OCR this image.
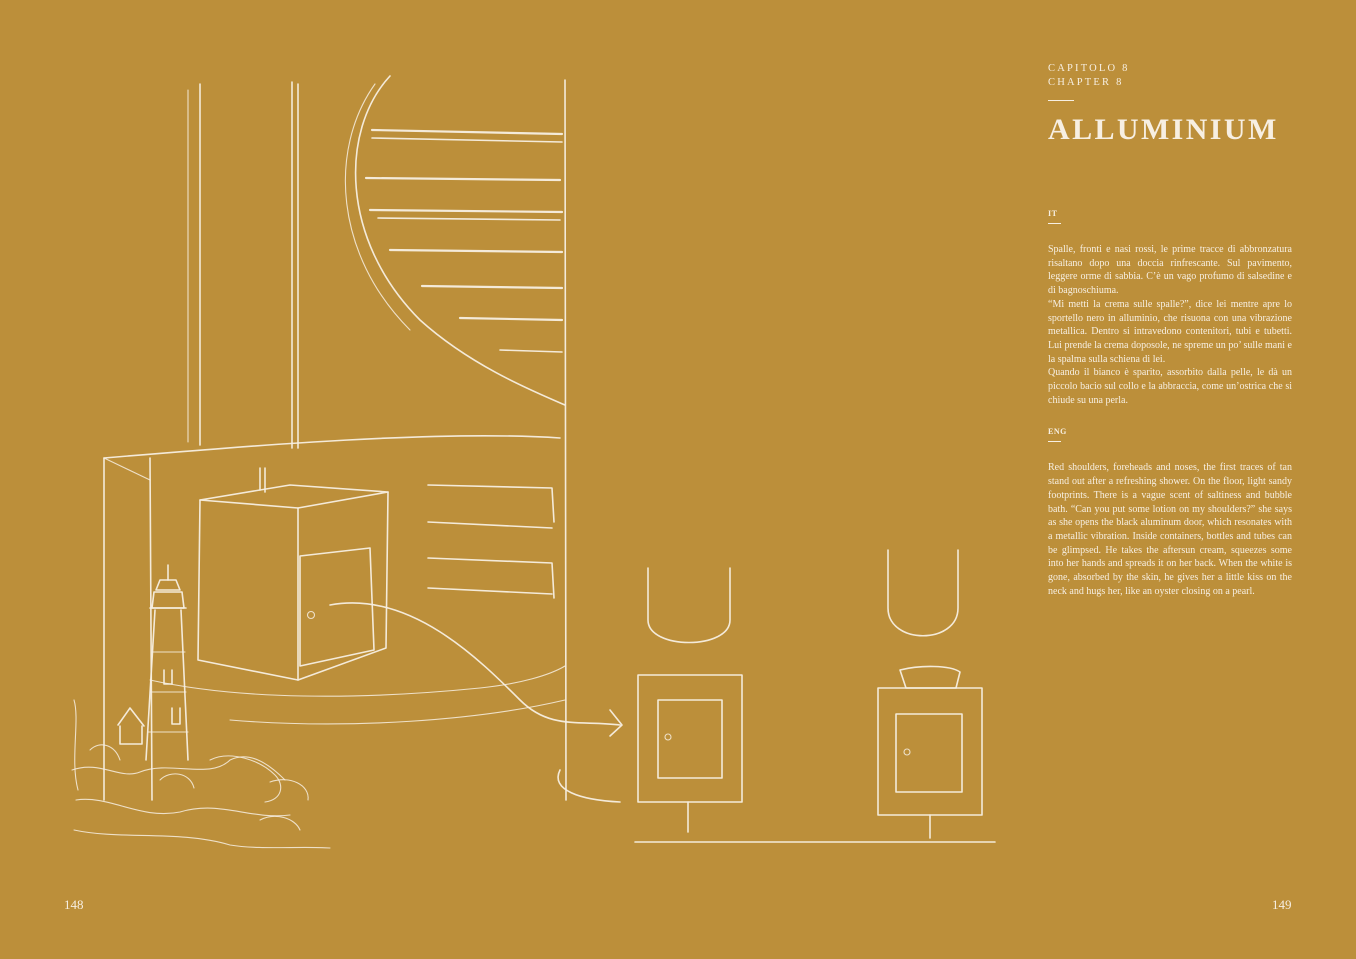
CAPITOLO 8
CHAPTER 8
ALLUMINIUM
IT

Spalle, fronti e nasi rossi, le prime tracce di abbronzatura risaltano dopo una doccia rinfrescante. Sul pavimento, leggere orme di sabbia. C’è un vago profumo di salsedine e di bagnoschiuma.

“Mi metti la crema sulle spalle?”, dice lei mentre apre lo sportello nero in alluminio, che risuona con una vibrazione metallica. Dentro si intravedono contenitori, tubi e tubetti. Lui prende la crema doposole, ne spreme un po’ sulle mani e la spalma sulla schiena di lei.

Quando il bianco è sparito, assorbito dalla pelle, le dà un piccolo bacio sul collo e la abbraccia, come un’ostrica che si chiude su una perla.

ENG

Red shoulders, foreheads and noses, the first traces of tan stand out after a refreshing shower. On the floor, light sandy footprints. There is a vague scent of saltiness and bubble bath. “Can you put some lotion on my shoulders?” she says as she opens the black aluminum door, which resonates with a metallic vibration. Inside containers, bottles and tubes can be glimpsed. He takes the aftersun cream, squeezes some into her hands and spreads it on her back. When the white is gone, absorbed by the skin, he gives her a little kiss on the neck and hugs her, like an oyster closing on a pearl.

148	149
